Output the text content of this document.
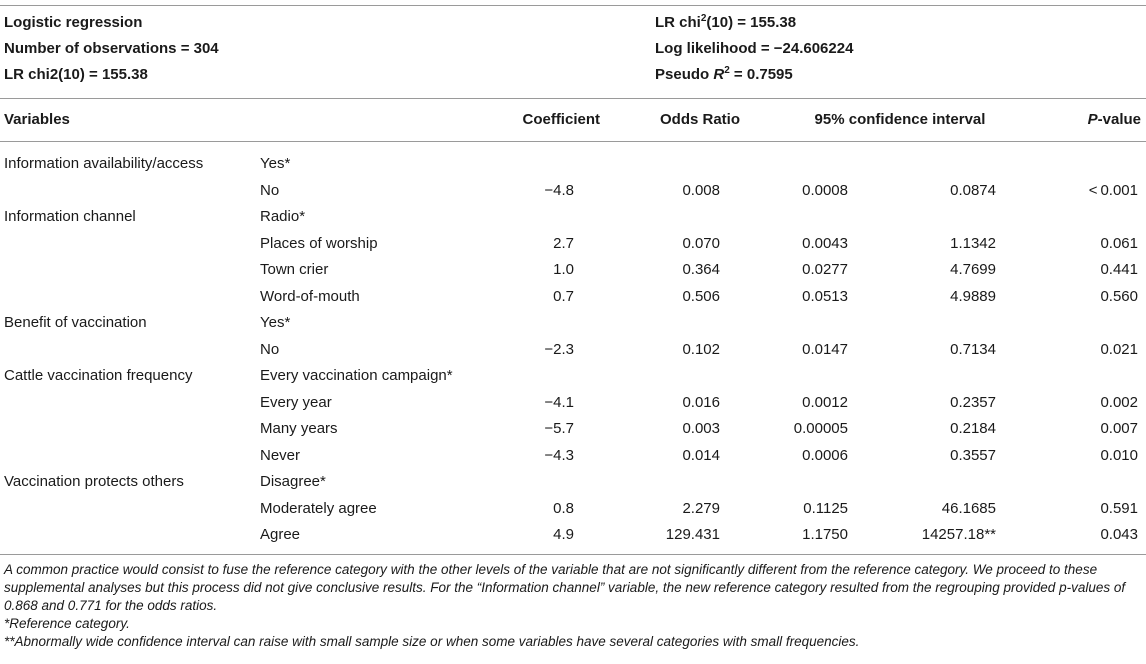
Logistic regression
Number of observations = 304
LR chi2(10) = 155.38
LR chi$^2$(10) = 155.38
Log likelihood = −24.606224
Pseudo $R^2 = 0.7595$
Variables	Coefficient	Odds Ratio	95% confidence interval	P-value
Information availability/access	Yes*
No	−4.8	0.008	0.0008	0.0874	< 0.001
Information channel	Radio*
Places of worship	2.7	0.070	0.0043	1.1342	0.061
Town crier	1.0	0.364	0.0277	4.7699	0.441
Word-of-mouth	0.7	0.506	0.0513	4.9889	0.560
Benefit of vaccination	Yes*
No	−2.3	0.102	0.0147	0.7134	0.021
Cattle vaccination frequency	Every vaccination campaign*
Every year	−4.1	0.016	0.0012	0.2357	0.002
Many years	−5.7	0.003	0.00005	0.2184	0.007
Never	−4.3	0.014	0.0006	0.3557	0.010
Vaccination protects others	Disagree*
Moderately agree	0.8	2.279	0.1125	46.1685	0.591
Agree	4.9	129.431	1.1750	14257.18**	0.043

A common practice would consist to fuse the reference category with the other levels of the variable that are not significantly different from the reference category. We proceed to these supplemental analyses but this process did not give conclusive results. For the “Information channel” variable, the new reference category resulted from the regrouping provided p-values of 0.868 and 0.771 for the odds ratios.

*Reference category.

**Abnormally wide confidence interval can raise with small sample size or when some variables have several categories with small frequencies.
